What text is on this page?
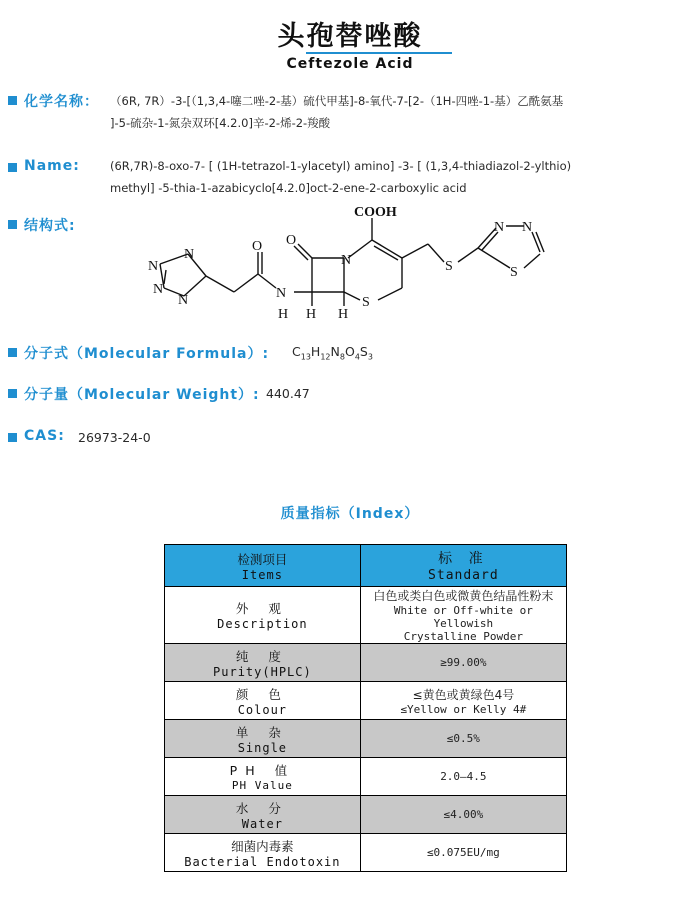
头孢替唑酸
Ceftezole Acid
化学名称： （6R, 7R）-3-[（1,3,4-噻二唑-2-基）硫代甲基]-8-氧代-7-[2-（1H-四唑-1-基）乙酰氨基
]-5-硫杂-1-氮杂双环[4.2.0]辛-2-烯-2-羧酸
Name:	(6R,7R)-8-oxo-7- [ (1H-tetrazol-1-ylacetyl) amino] -3- [ (1,3,4-thiadiazol-2-ylthio)
methyl] -5-thia-1-azabicyclo[4.2.0]oct-2-ene-2-carboxylic acid
结构式:
N
N
N
N
O
N
H
O
N
H H
S
COOH
S
N N
S
分子式（Molecular Formula）: $C_{13}H_{12}N_8O_4S_3$
分子量（Molecular Weight）: 440.47
CAS: 26973-24-0
质量指标（Index）
检测项目
Items	标 准
Standard

外 观
Description	白色或类白色或微黄色结晶性粉末
White or Off-white or Yellowish
Crystalline Powder

纯 度
Purity(HPLC)	≥99.00%

颜 色
Colour	≤黄色或黄绿色4号
≤Yellow or Kelly 4#

单 杂
Single	≤0.5%

PH 值
PH Value	2.0—4.5

水 分
Water	≤4.00%

细菌内毒素
Bacterial Endotoxin	≤0.075EU/mg
